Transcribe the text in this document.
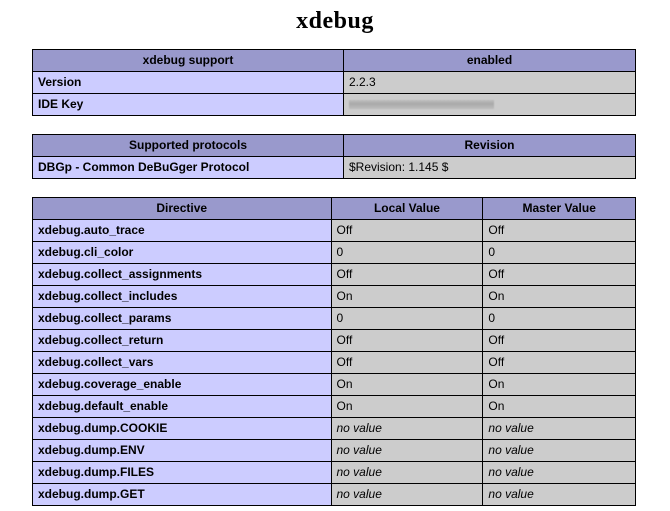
xdebug
xdebug support	enabled
Version	2.2.3
IDE Key	
Supported protocols	Revision
DBGp - Common DeBuGger Protocol	$Revision: 1.145 $
Directive	Local Value	Master Value
xdebug.auto_trace	Off	Off
xdebug.cli_color	0	0
xdebug.collect_assignments	Off	Off
xdebug.collect_includes	On	On
xdebug.collect_params	0	0
xdebug.collect_return	Off	Off
xdebug.collect_vars	Off	Off
xdebug.coverage_enable	On	On
xdebug.default_enable	On	On
xdebug.dump.COOKIE	no value	no value
xdebug.dump.ENV	no value	no value
xdebug.dump.FILES	no value	no value
xdebug.dump.GET	no value	no value
